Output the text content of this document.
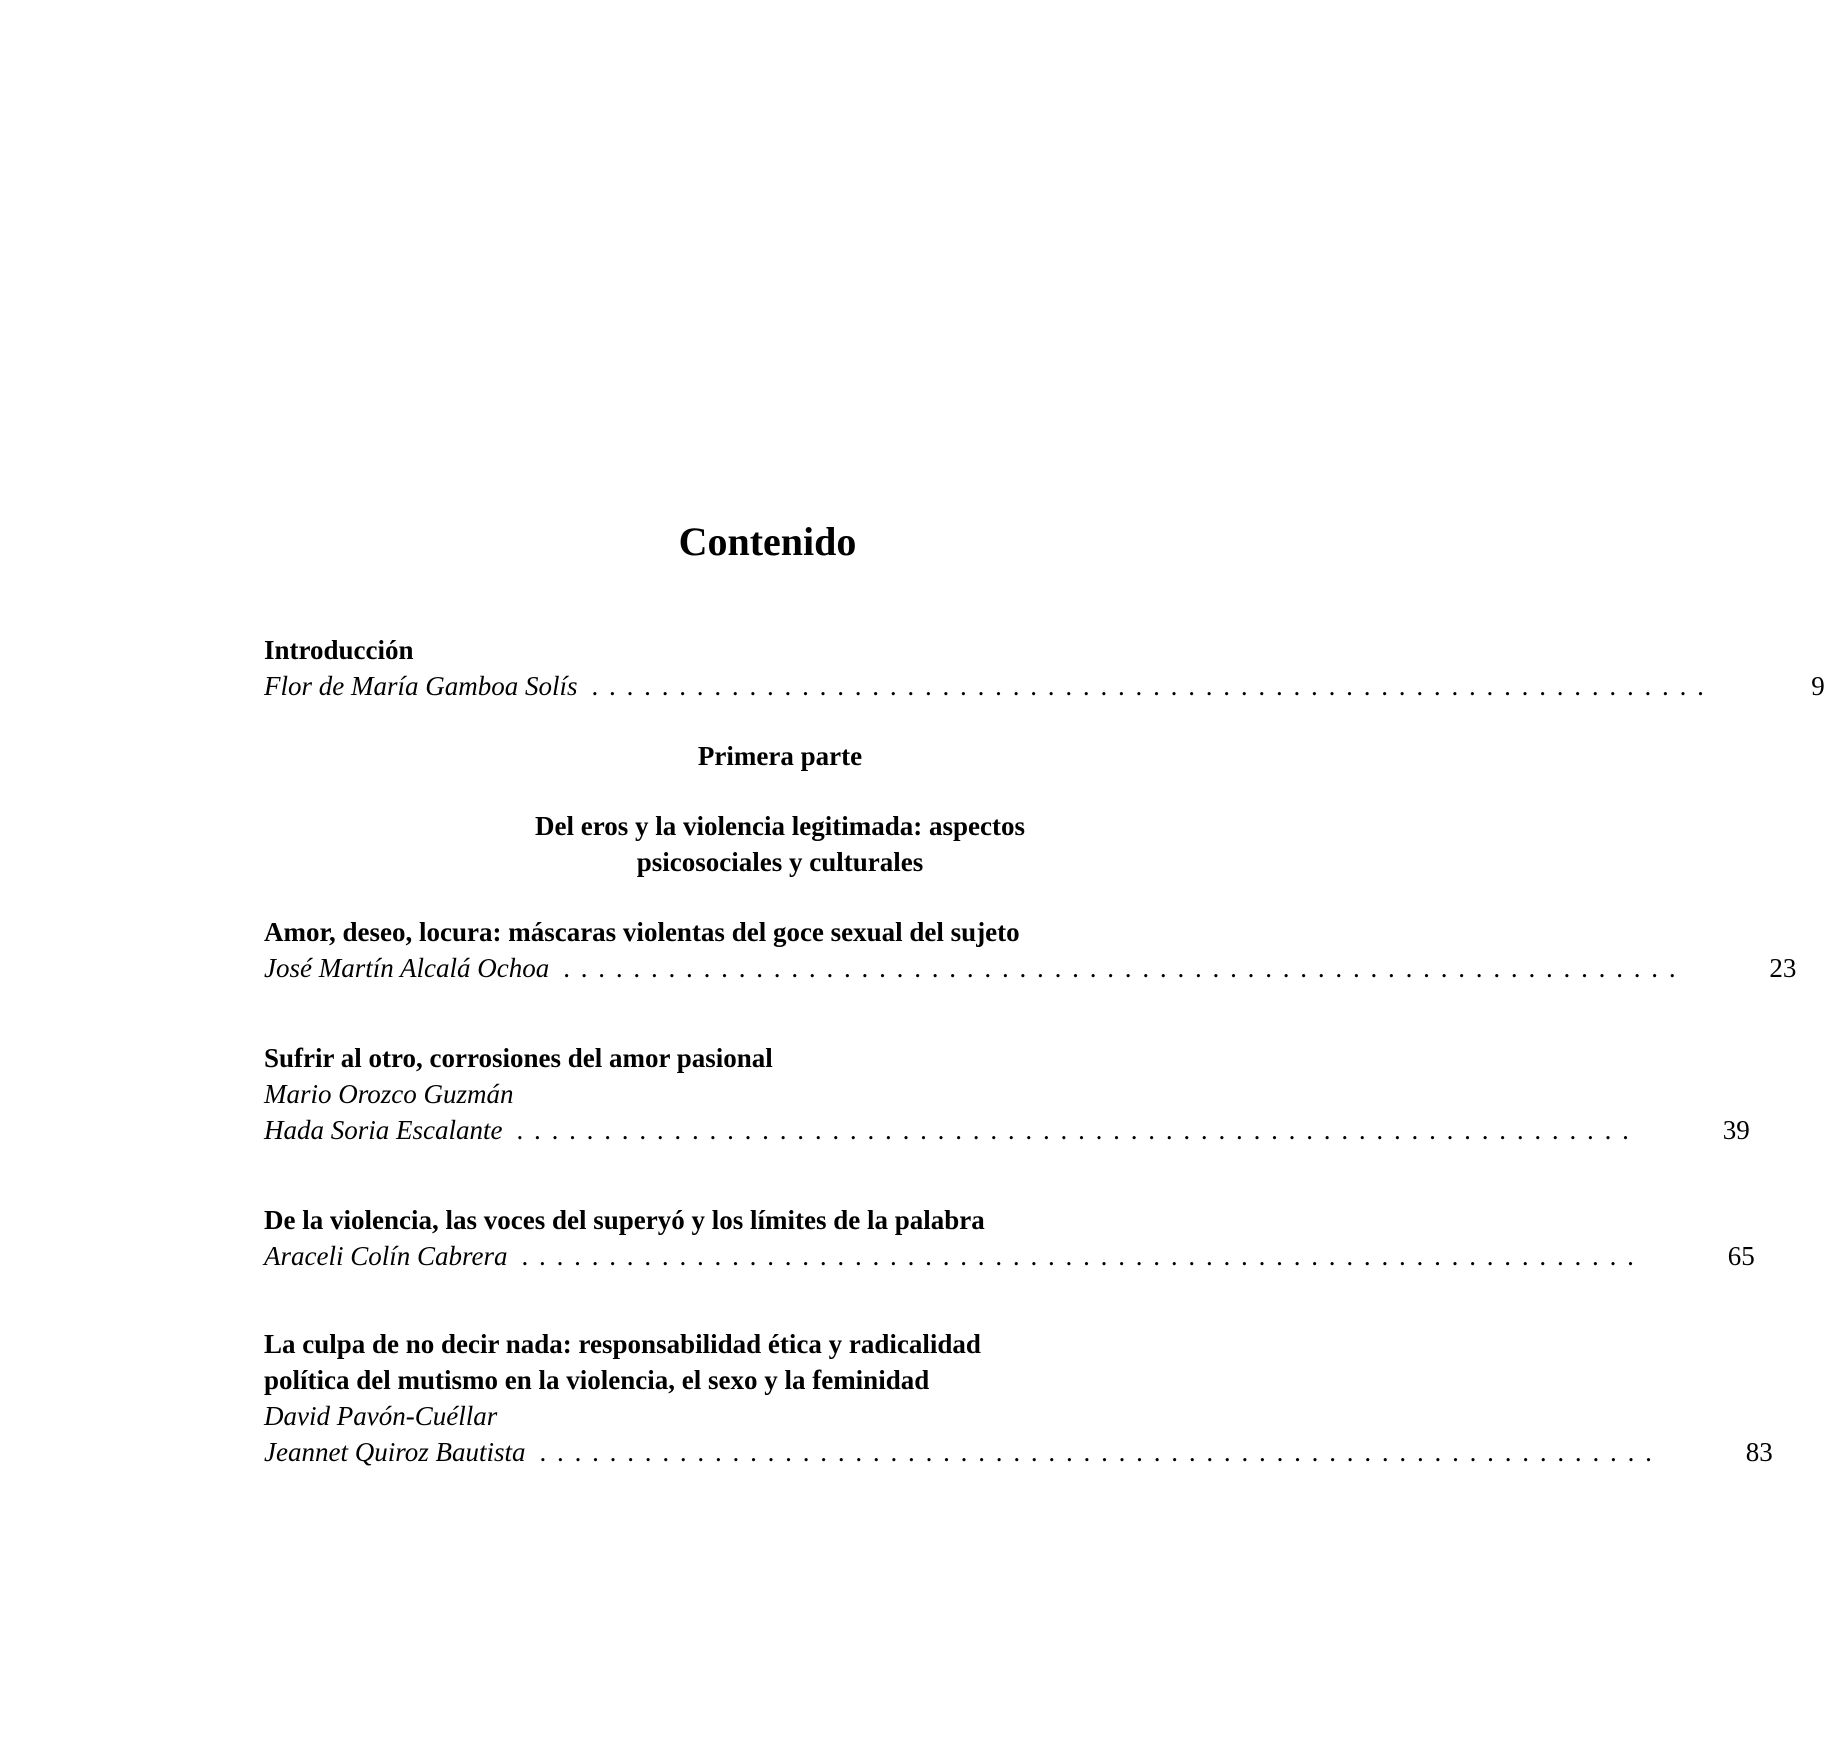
Contenido
Introducción
Flor de María Gamboa Solís ................................................................	9
Primera parte
Del eros y la violencia legitimada: aspectos
psicosociales y culturales
Amor, deseo, locura: máscaras violentas del goce sexual del sujeto
José Martín Alcalá Ochoa ................................................................	23
Sufrir al otro, corrosiones del amor pasional
Mario Orozco Guzmán
Hada Soria Escalante ................................................................	39
De la violencia, las voces del superyó y los límites de la palabra
Araceli Colín Cabrera ................................................................	65
La culpa de no decir nada: responsabilidad ética y radicalidad
política del mutismo en la violencia, el sexo y la feminidad
David Pavón-Cuéllar
Jeannet Quiroz Bautista ................................................................	83
